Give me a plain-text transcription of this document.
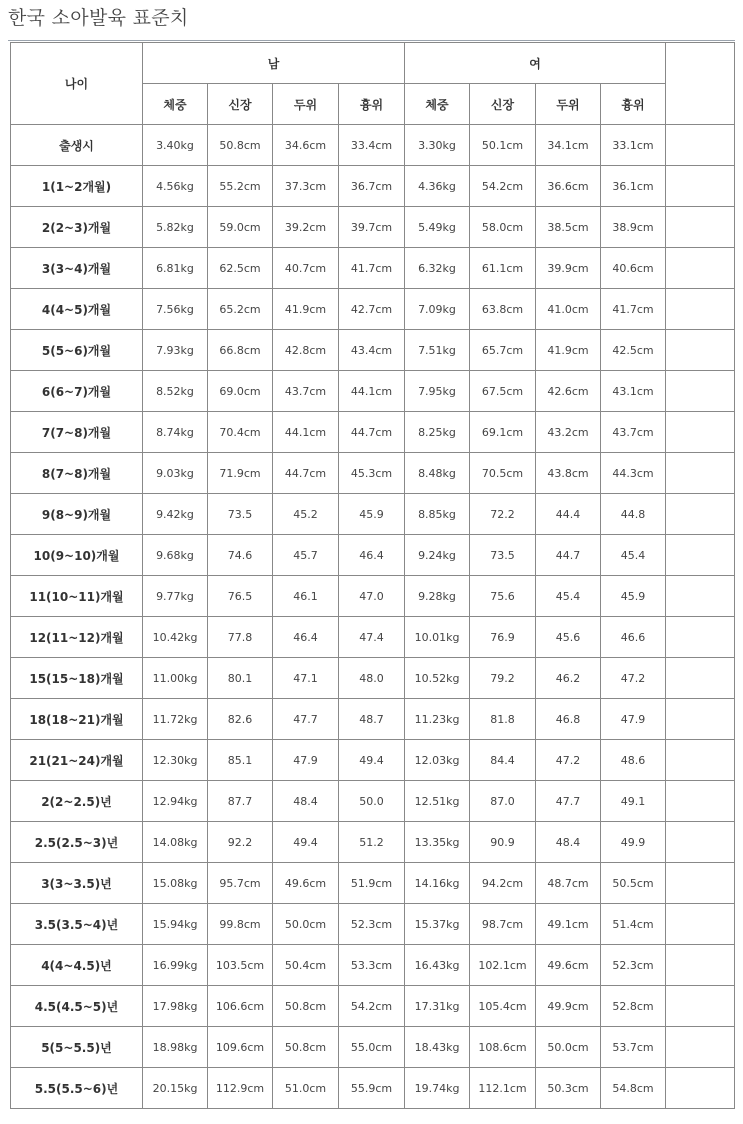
한국 소아발육 표준치
나이	남				여				
	체중	신장	두위	흉위	체중	신장	두위	흉위	
출생시	3.40kg	50.8cm	34.6cm	33.4cm	3.30kg	50.1cm	34.1cm	33.1cm	
1(1~2개월)	4.56kg	55.2cm	37.3cm	36.7cm	4.36kg	54.2cm	36.6cm	36.1cm	
2(2~3)개월	5.82kg	59.0cm	39.2cm	39.7cm	5.49kg	58.0cm	38.5cm	38.9cm	
3(3~4)개월	6.81kg	62.5cm	40.7cm	41.7cm	6.32kg	61.1cm	39.9cm	40.6cm	
4(4~5)개월	7.56kg	65.2cm	41.9cm	42.7cm	7.09kg	63.8cm	41.0cm	41.7cm	
5(5~6)개월	7.93kg	66.8cm	42.8cm	43.4cm	7.51kg	65.7cm	41.9cm	42.5cm	
6(6~7)개월	8.52kg	69.0cm	43.7cm	44.1cm	7.95kg	67.5cm	42.6cm	43.1cm	
7(7~8)개월	8.74kg	70.4cm	44.1cm	44.7cm	8.25kg	69.1cm	43.2cm	43.7cm	
8(7~8)개월	9.03kg	71.9cm	44.7cm	45.3cm	8.48kg	70.5cm	43.8cm	44.3cm	
9(8~9)개월	9.42kg	73.5	45.2	45.9	8.85kg	72.2	44.4	44.8	
10(9~10)개월	9.68kg	74.6	45.7	46.4	9.24kg	73.5	44.7	45.4	
11(10~11)개월	9.77kg	76.5	46.1	47.0	9.28kg	75.6	45.4	45.9	
12(11~12)개월	10.42kg	77.8	46.4	47.4	10.01kg	76.9	45.6	46.6	
15(15~18)개월	11.00kg	80.1	47.1	48.0	10.52kg	79.2	46.2	47.2	
18(18~21)개월	11.72kg	82.6	47.7	48.7	11.23kg	81.8	46.8	47.9	
21(21~24)개월	12.30kg	85.1	47.9	49.4	12.03kg	84.4	47.2	48.6	
2(2~2.5)년	12.94kg	87.7	48.4	50.0	12.51kg	87.0	47.7	49.1	
2.5(2.5~3)년	14.08kg	92.2	49.4	51.2	13.35kg	90.9	48.4	49.9	
3(3~3.5)년	15.08kg	95.7cm	49.6cm	51.9cm	14.16kg	94.2cm	48.7cm	50.5cm	
3.5(3.5~4)년	15.94kg	99.8cm	50.0cm	52.3cm	15.37kg	98.7cm	49.1cm	51.4cm	
4(4~4.5)년	16.99kg	103.5cm	50.4cm	53.3cm	16.43kg	102.1cm	49.6cm	52.3cm	
4.5(4.5~5)년	17.98kg	106.6cm	50.8cm	54.2cm	17.31kg	105.4cm	49.9cm	52.8cm	
5(5~5.5)년	18.98kg	109.6cm	50.8cm	55.0cm	18.43kg	108.6cm	50.0cm	53.7cm	
5.5(5.5~6)년	20.15kg	112.9cm	51.0cm	55.9cm	19.74kg	112.1cm	50.3cm	54.8cm	
